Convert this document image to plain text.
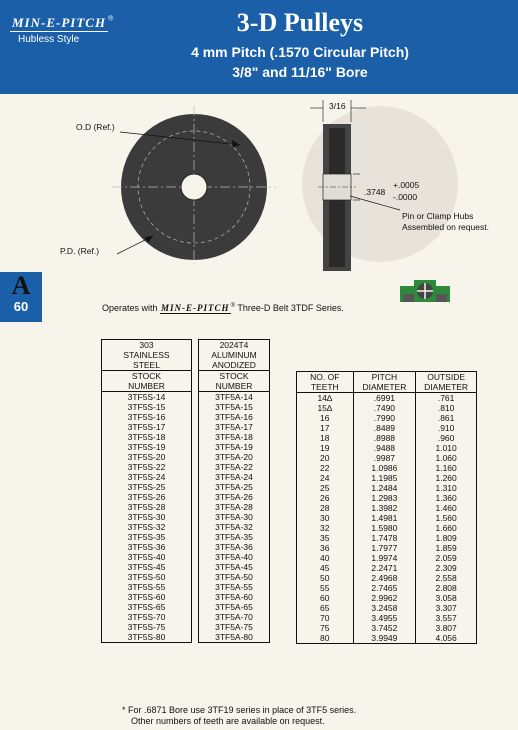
MIN-E-PITCH ®
Hubless Style
3-D Pulleys
4 mm Pitch (.1570 Circular Pitch)
3/8" and 11/16" Bore
A
60
O.D (Ref.)
P.D. (Ref.)
3/16
.3748
+.0005
-.0000
Pin or Clamp Hubs
Assembled on request.
Operates with MIN-E-PITCH® Three-D Belt 3TDF Series.
303
STAINLESS
STEEL
STOCK
NUMBER
3TF5S-14
3TF5S-15
3TF5S-16
3TF5S-17
3TF5S-18
3TF5S-19
3TF5S-20
3TF5S-22
3TF5S-24
3TF5S-25
3TF5S-26
3TF5S-28
3TF5S-30
3TF5S-32
3TF5S-35
3TF5S-36
3TF5S-40
3TF5S-45
3TF5S-50
3TF5S-55
3TF5S-60
3TF5S-65
3TF5S-70
3TF5S-75
3TF5S-80
2024T4
ALUMINUM
ANODIZED
STOCK
NUMBER
3TF5A-14
3TF5A-15
3TF5A-16
3TF5A-17
3TF5A-18
3TF5A-19
3TF5A-20
3TF5A-22
3TF5A-24
3TF5A-25
3TF5A-26
3TF5A-28
3TF5A-30
3TF5A-32
3TF5A-35
3TF5A-36
3TF5A-40
3TF5A-45
3TF5A-50
3TF5A-55
3TF5A-60
3TF5A-65
3TF5A-70
3TF5A-75
3TF5A-80
NO. OF	PITCH	OUTSIDE
TEETH	DIAMETER	DIAMETER
14∆	.6991	.761
15∆	.7490	.810
16	.7990	.861
17	.8489	.910
18	.8988	.960
19	.9488	1.010
20	.9987	1.060
22	1.0986	1.160
24	1.1985	1.260
25	1.2484	1.310
26	1.2983	1.360
28	1.3982	1.460
30	1.4981	1.560
32	1.5980	1.660
35	1.7478	1.809
36	1.7977	1.859
40	1.9974	2.059
45	2.2471	2.309
50	2.4968	2.558
55	2.7465	2.808
60	2.9962	3.058
65	3.2458	3.307
70	3.4955	3.557
75	3.7452	3.807
80	3.9949	4.056
* For .6871 Bore use 3TF19 series in place of 3TF5 series.
Other numbers of teeth are available on request.
